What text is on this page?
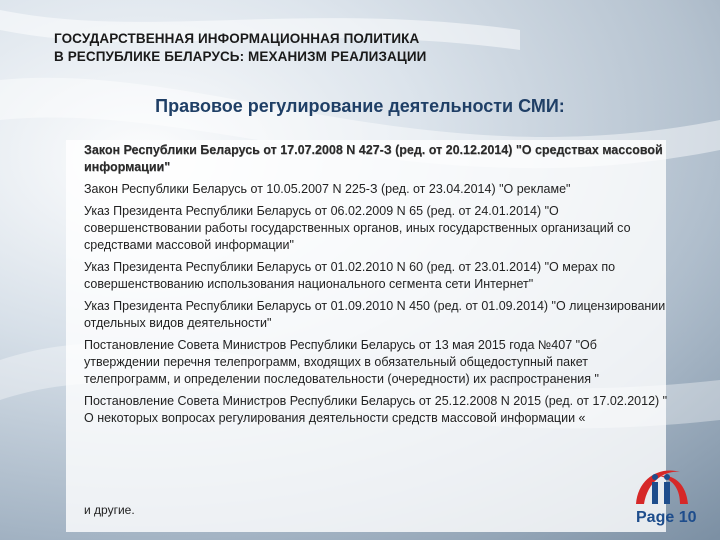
ГОСУДАРСТВЕННАЯ ИНФОРМАЦИОННАЯ ПОЛИТИКА
В РЕСПУБЛИКЕ БЕЛАРУСЬ: МЕХАНИЗМ РЕАЛИЗАЦИИ
Правовое регулирование деятельности СМИ:
Закон Республики Беларусь от 17.07.2008 N 427-З (ред. от 20.12.2014) "О средствах массовой информации"
Закон Республики Беларусь от 10.05.2007 N 225-З (ред. от 23.04.2014) "О рекламе"
Указ Президента Республики Беларусь от 06.02.2009 N 65 (ред. от 24.01.2014) "О совершенствовании работы государственных органов, иных государственных организаций со средствами массовой информации"
Указ Президента Республики Беларусь от 01.02.2010 N 60 (ред. от 23.01.2014) "О мерах по совершенствованию использования национального сегмента сети Интернет"
Указ Президента Республики Беларусь от 01.09.2010 N 450 (ред. от 01.09.2014) "О лицензировании отдельных видов деятельности"
Постановление Совета Министров Республики Беларусь от 13 мая 2015 года №407 "Об утверждении перечня телепрограмм, входящих в обязательный общедоступный пакет телепрограмм, и определении последовательности (очередности) их распространения "
Постановление Совета Министров Республики Беларусь от 25.12.2008 N 2015 (ред. от 17.02.2012) " О некоторых вопросах регулирования деятельности средств массовой информации «
и другие.	Page 10
